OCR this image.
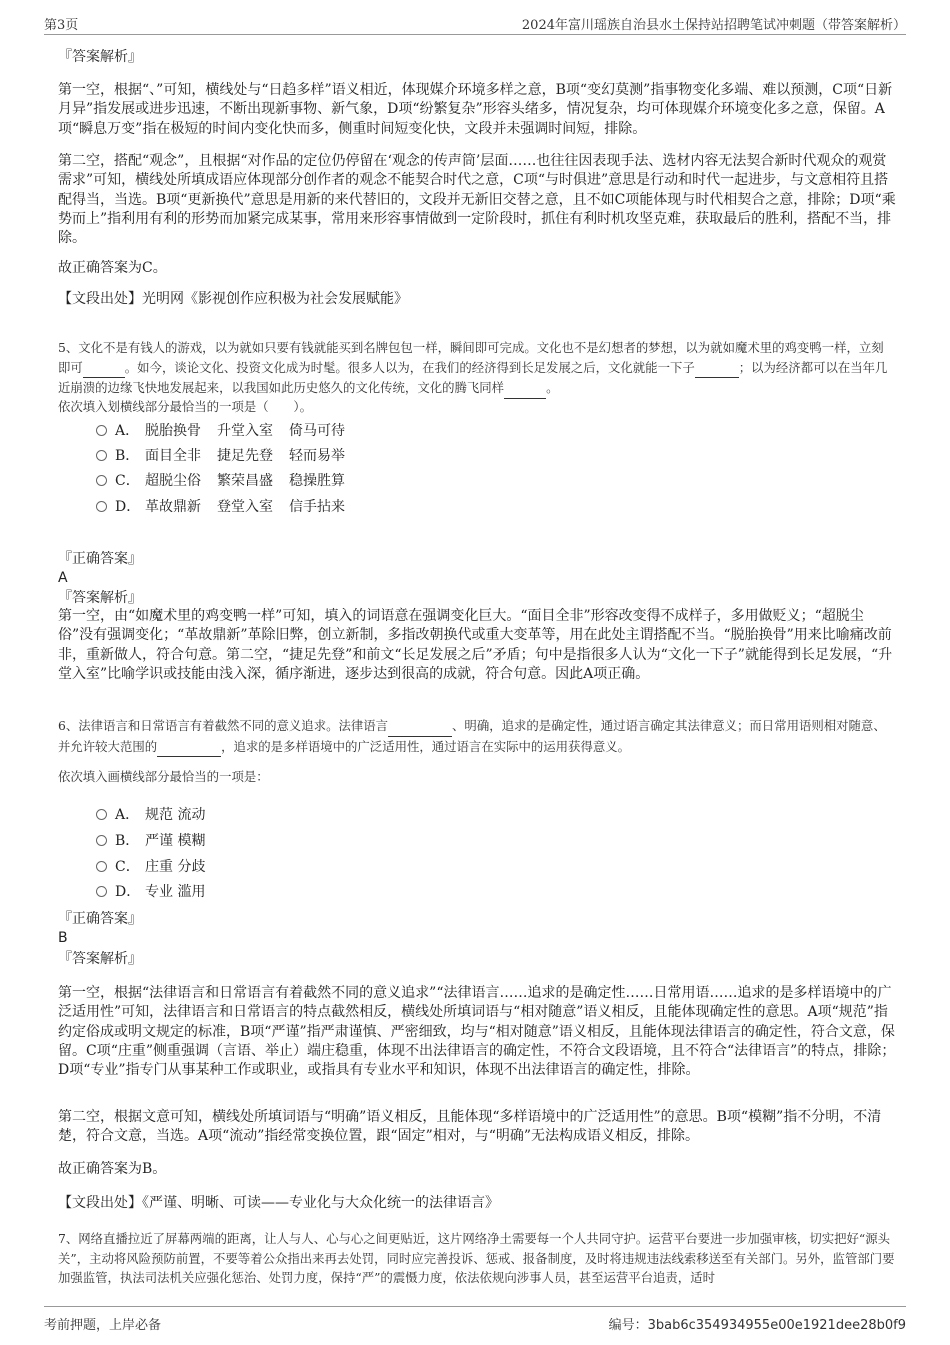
第3页	2024年富川瑶族自治县水土保持站招聘笔试冲刺题（带答案解析）

『答案解析』

第一空，根据“、”可知，横线处与“日趋多样”语义相近，体现媒介环境多样之意，B项“变幻莫测”指事物变化多端、难以预测，C项“日新月异”指发展或进步迅速，不断出现新事物、新气象，D项“纷繁复杂”形容头绪多，情况复杂，均可体现媒介环境变化多之意，保留。A项“瞬息万变”指在极短的时间内变化快而多，侧重时间短变化快，文段并未强调时间短，排除。

第二空，搭配“观念”，且根据“对作品的定位仍停留在‘观念的传声筒’层面……也往往因表现手法、选材内容无法契合新时代观众的观赏需求”可知，横线处所填成语应体现部分创作者的观念不能契合时代之意，C项“与时俱进”意思是行动和时代一起进步，与文意相符且搭配得当，当选。B项“更新换代”意思是用新的来代替旧的，文段并无新旧交替之意，且不如C项能体现与时代相契合之意，排除；D项“乘势而上”指利用有利的形势而加紧完成某事，常用来形容事情做到一定阶段时，抓住有利时机攻坚克难，获取最后的胜利，搭配不当，排除。

故正确答案为C。

【文段出处】光明网《影视创作应积极为社会发展赋能》

5、文化不是有钱人的游戏，以为就如只要有钱就能买到名牌包包一样，瞬间即可完成。文化也不是幻想者的梦想，以为就如魔术里的鸡变鸭一样，立刻即可	。如今，谈论文化、投资文化成为时髦。很多人以为，在我们的经济得到长足发展之后，文化就能一下子	；以为经济都可以在当年几近崩溃的边缘飞快地发展起来，以我国如此历史悠久的文化传统，文化的腾飞同样	。

依次填入划横线部分最恰当的一项是（　　）。

A． 脱胎换骨 升堂入室 倚马可待
B． 面目全非 捷足先登 轻而易举
C． 超脱尘俗 繁荣昌盛 稳操胜算
D． 革故鼎新 登堂入室 信手拈来

『正确答案』

A

『答案解析』

第一空，由“如魔术里的鸡变鸭一样”可知，填入的词语意在强调变化巨大。“面目全非”形容改变得不成样子，多用做贬义；“超脱尘俗”没有强调变化；“革故鼎新”革除旧弊，创立新制，多指改朝换代或重大变革等，用在此处主谓搭配不当。“脱胎换骨”用来比喻痛改前非，重新做人，符合句意。第二空，“捷足先登”和前文“长足发展之后”矛盾；句中是指很多人认为“文化一下子”就能得到长足发展，“升堂入室”比喻学识或技能由浅入深，循序渐进，逐步达到很高的成就，符合句意。因此A项正确。

6、法律语言和日常语言有着截然不同的意义追求。法律语言	、明确，追求的是确定性，通过语言确定其法律意义；而日常用语则相对随意、并允许较大范围的	，追求的是多样语境中的广泛适用性，通过语言在实际中的运用获得意义。

依次填入画横线部分最恰当的一项是：

A． 规范 流动
B． 严谨 模糊
C． 庄重 分歧
D． 专业 滥用

『正确答案』

B

『答案解析』

第一空，根据“法律语言和日常语言有着截然不同的意义追求”“法律语言……追求的是确定性……日常用语……追求的是多样语境中的广泛适用性”可知，法律语言和日常语言的特点截然相反，横线处所填词语与“相对随意”语义相反，且能体现确定性的意思。A项“规范”指约定俗成或明文规定的标准，B项“严谨”指严肃谨慎、严密细致，均与“相对随意”语义相反，且能体现法律语言的确定性，符合文意，保留。C项“庄重”侧重强调（言语、举止）端庄稳重，体现不出法律语言的确定性，不符合文段语境，且不符合“法律语言”的特点，排除；D项“专业”指专门从事某种工作或职业，或指具有专业水平和知识，体现不出法律语言的确定性，排除。

第二空，根据文意可知，横线处所填词语与“明确”语义相反，且能体现“多样语境中的广泛适用性”的意思。B项“模糊”指不分明，不清楚，符合文意，当选。A项“流动”指经常变换位置，跟“固定”相对，与“明确”无法构成语义相反，排除。

故正确答案为B。

【文段出处】《严谨、明晰、可读——专业化与大众化统一的法律语言》

7、网络直播拉近了屏幕两端的距离，让人与人、心与心之间更贴近，这片网络净土需要每一个人共同守护。运营平台要进一步加强审核，切实把好“源头关”，主动将风险预防前置，不要等着公众指出来再去处罚，同时应完善投诉、惩戒、报备制度，及时将违规违法线索移送至有关部门。另外，监管部门要加强监管，执法司法机关应强化惩治、处罚力度，保持“严”的震慑力度，依法依规向涉事人员，甚至运营平台追责，适时

考前押题，上岸必备	编号：3bab6c354934955e00e1921dee28b0f9
